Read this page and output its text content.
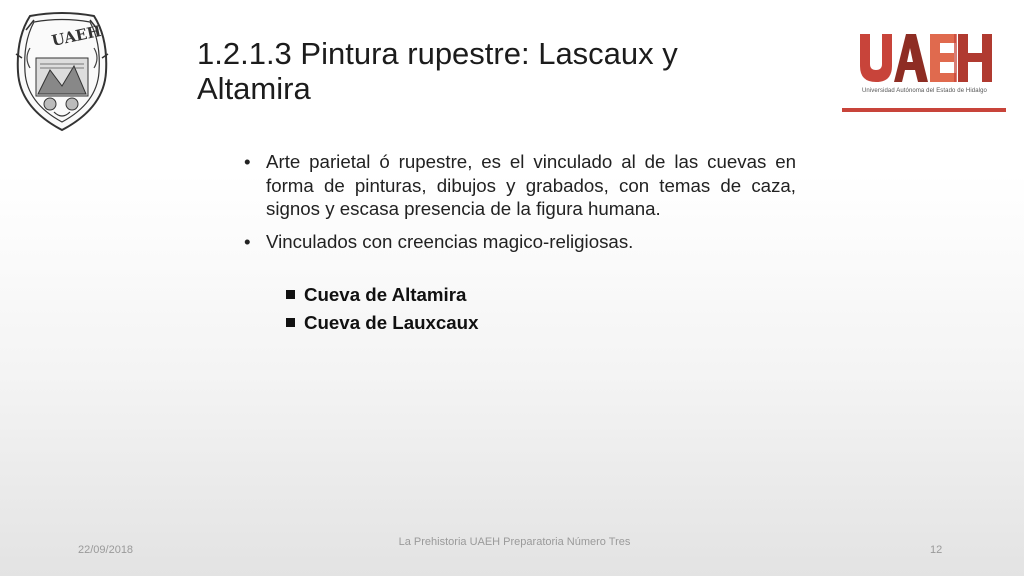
UAEH
1.2.1.3 Pintura rupestre: Lascaux y Altamira
UAEH
Universidad Autónoma del Estado de Hidalgo
• Arte parietal ó rupestre, es el vinculado al de las cuevas en forma de pinturas, dibujos y grabados, con temas de caza, signos y escasa presencia de la figura humana.

• Vinculados con creencias magico-religiosas.

Cueva de Altamira
Cueva de Lauxcaux
22/09/2018
La Prehistoria UAEH Preparatoria Número Tres
12
